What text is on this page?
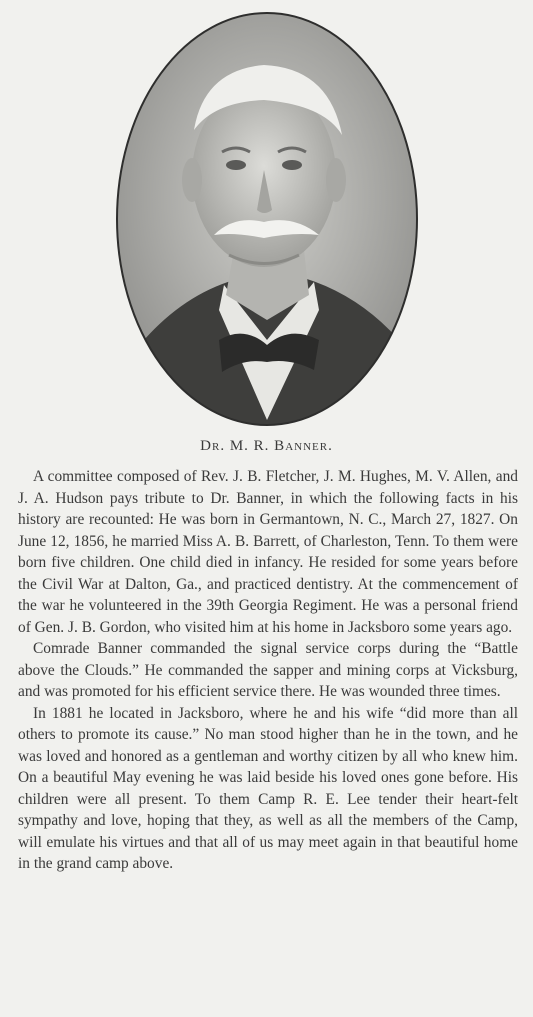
Dr. M. R. Banner.

A committee composed of Rev. J. B. Fletcher, J. M. Hughes, M. V. Allen, and J. A. Hudson pays tribute to Dr. Banner, in which the following facts in his history are recounted: He was born in Germantown, N. C., March 27, 1827. On June 12, 1856, he married Miss A. B. Barrett, of Charleston, Tenn. To them were born five children. One child died in infancy. He resided for some years before the Civil War at Dalton, Ga., and practiced dentistry. At the commencement of the war he volunteered in the 39th Georgia Regiment. He was a personal friend of Gen. J. B. Gordon, who visited him at his home in Jacksboro some years ago.

Comrade Banner commanded the signal service corps during the “Battle above the Clouds.” He commanded the sapper and mining corps at Vicksburg, and was promoted for his efficient service there. He was wounded three times.

In 1881 he located in Jacksboro, where he and his wife “did more than all others to promote its cause.” No man stood higher than he in the town, and he was loved and honored as a gentleman and worthy citizen by all who knew him. On a beautiful May evening he was laid beside his loved ones gone before. His children were all present. To them Camp R. E. Lee tender their heart-felt sympathy and love, hoping that they, as well as all the members of the Camp, will emulate his virtues and that all of us may meet again in that beautiful home in the grand camp above.
